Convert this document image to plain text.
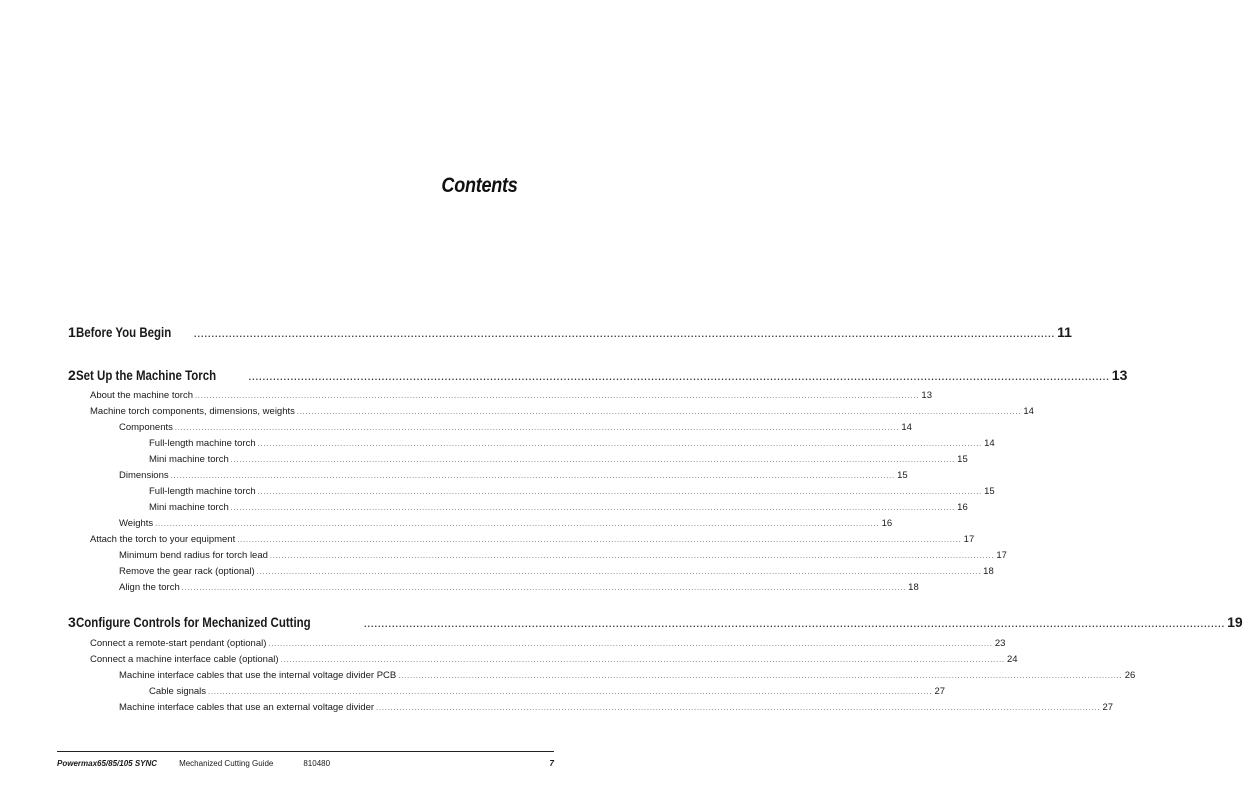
Contents
1 Before You Begin	...................................................................................................................................................................................................................................................... 11
2 Set Up the Machine Torch	...................................................................................................................................................................................................................................................... 13
About the machine torch ...................................................................................................................................................................................................................................................... 13
Machine torch components, dimensions, weights ...................................................................................................................................................................................................................................................... 14
Components ...................................................................................................................................................................................................................................................... 14
Full-length machine torch ...................................................................................................................................................................................................................................................... 14
Mini machine torch ...................................................................................................................................................................................................................................................... 15
Dimensions ...................................................................................................................................................................................................................................................... 15
Full-length machine torch ...................................................................................................................................................................................................................................................... 15
Mini machine torch ...................................................................................................................................................................................................................................................... 16
Weights ...................................................................................................................................................................................................................................................... 16
Attach the torch to your equipment ...................................................................................................................................................................................................................................................... 17
Minimum bend radius for torch lead ...................................................................................................................................................................................................................................................... 17
Remove the gear rack (optional) ...................................................................................................................................................................................................................................................... 18
Align the torch ...................................................................................................................................................................................................................................................... 18
3 Configure Controls for Mechanized Cutting	...................................................................................................................................................................................................................................................... 19
Connect a remote-start pendant (optional) ...................................................................................................................................................................................................................................................... 23
Connect a machine interface cable (optional) ...................................................................................................................................................................................................................................................... 24
Machine interface cables that use the internal voltage divider PCB ...................................................................................................................................................................................................................................................... 26
Cable signals ...................................................................................................................................................................................................................................................... 27
Machine interface cables that use an external voltage divider ...................................................................................................................................................................................................................................................... 27
Powermax65/85/105 SYNC	Mechanized Cutting Guide	810480	7
